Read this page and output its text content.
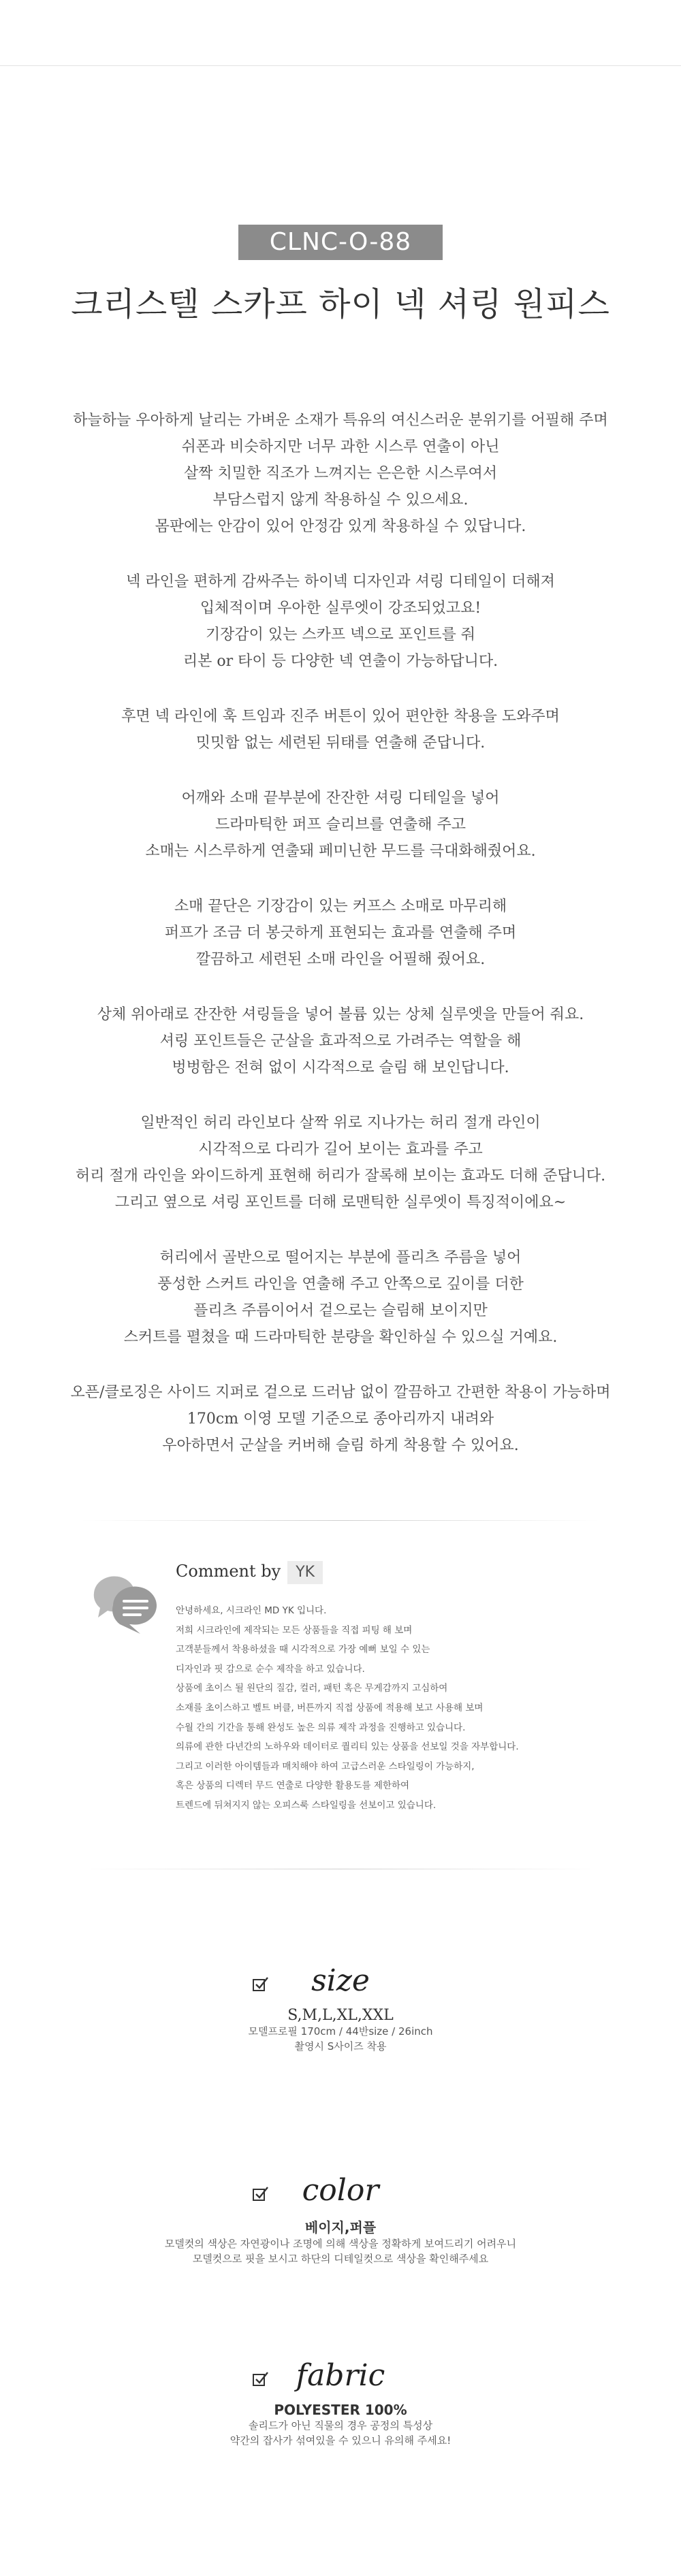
CLNC-O-88
크리스텔 스카프 하이 넥 셔링 원피스
하늘하늘 우아하게 날리는 가벼운 소재가 특유의 여신스러운 분위기를 어필해 주며
쉬폰과 비슷하지만 너무 과한 시스루 연출이 아닌
살짝 치밀한 직조가 느껴지는 은은한 시스루여서
부담스럽지 않게 착용하실 수 있으세요.
몸판에는 안감이 있어 안정감 있게 착용하실 수 있답니다.
넥 라인을 편하게 감싸주는 하이넥 디자인과 셔링 디테일이 더해져
입체적이며 우아한 실루엣이 강조되었고요!
기장감이 있는 스카프 넥으로 포인트를 줘
리본 or 타이 등 다양한 넥 연출이 가능하답니다.
후면 넥 라인에 훅 트임과 진주 버튼이 있어 편안한 착용을 도와주며
밋밋함 없는 세련된 뒤태를 연출해 준답니다.
어깨와 소매 끝부분에 잔잔한 셔링 디테일을 넣어
드라마틱한 퍼프 슬리브를 연출해 주고
소매는 시스루하게 연출돼 페미닌한 무드를 극대화해줬어요.
소매 끝단은 기장감이 있는 커프스 소매로 마무리해
퍼프가 조금 더 봉긋하게 표현되는 효과를 연출해 주며
깔끔하고 세련된 소매 라인을 어필해 줬어요.
상체 위아래로 잔잔한 셔링들을 넣어 볼륨 있는 상체 실루엣을 만들어 줘요.
셔링 포인트들은 군살을 효과적으로 가려주는 역할을 해
벙벙함은 전혀 없이 시각적으로 슬림 해 보인답니다.
일반적인 허리 라인보다 살짝 위로 지나가는 허리 절개 라인이
시각적으로 다리가 길어 보이는 효과를 주고
허리 절개 라인을 와이드하게 표현해 허리가 잘록해 보이는 효과도 더해 준답니다.
그리고 옆으로 셔링 포인트를 더해 로맨틱한 실루엣이 특징적이에요~
허리에서 골반으로 떨어지는 부분에 플리츠 주름을 넣어
풍성한 스커트 라인을 연출해 주고 안쪽으로 깊이를 더한
플리츠 주름이어서 겉으로는 슬림해 보이지만
스커트를 펼쳤을 때 드라마틱한 분량을 확인하실 수 있으실 거예요.
오픈/클로징은 사이드 지퍼로 겉으로 드러남 없이 깔끔하고 간편한 착용이 가능하며
170cm 이영 모델 기준으로 종아리까지 내려와
우아하면서 군살을 커버해 슬림 하게 착용할 수 있어요.
Comment by YK
안녕하세요, 시크라인 MD YK 입니다.
저희 시크라인에 제작되는 모든 상품들을 직접 피팅 해 보며
고객분들께서 착용하셨을 때 시각적으로 가장 예뻐 보일 수 있는
디자인과 핏 감으로 순수 제작을 하고 있습니다.
상품에 초이스 될 원단의 질감, 컬러, 패턴 혹은 무게감까지 고심하여
소재를 초이스하고 벨트 버클, 버튼까지 직접 상품에 적용해 보고 사용해 보며
수월 간의 기간을 통해 완성도 높은 의류 제작 과정을 진행하고 있습니다.
의류에 관한 다년간의 노하우와 데이터로 퀄리티 있는 상품을 선보일 것을 자부합니다.
그리고 이러한 아이템들과 매치해야 하여 고급스러운 스타일링이 가능하지,
혹은 상품의 디렉터 무드 연출로 다양한 활용도를 제한하여
트렌드에 뒤쳐지지 않는 오피스룩 스타일링을 선보이고 있습니다.
size
S,M,L,XL,XXL
모델프로필 170cm / 44반size / 26inch
촬영시 S사이즈 착용
color
베이지,퍼플
모델컷의 색상은 자연광이나 조명에 의해 색상을 정확하게 보여드리기 어려우니
모델컷으로 핏을 보시고 하단의 디테일컷으로 색상을 확인해주세요
fabric
POLYESTER 100%
솔리드가 아닌 직물의 경우 공정의 특성상
약간의 잡사가 섞여있을 수 있으니 유의해 주세요!
